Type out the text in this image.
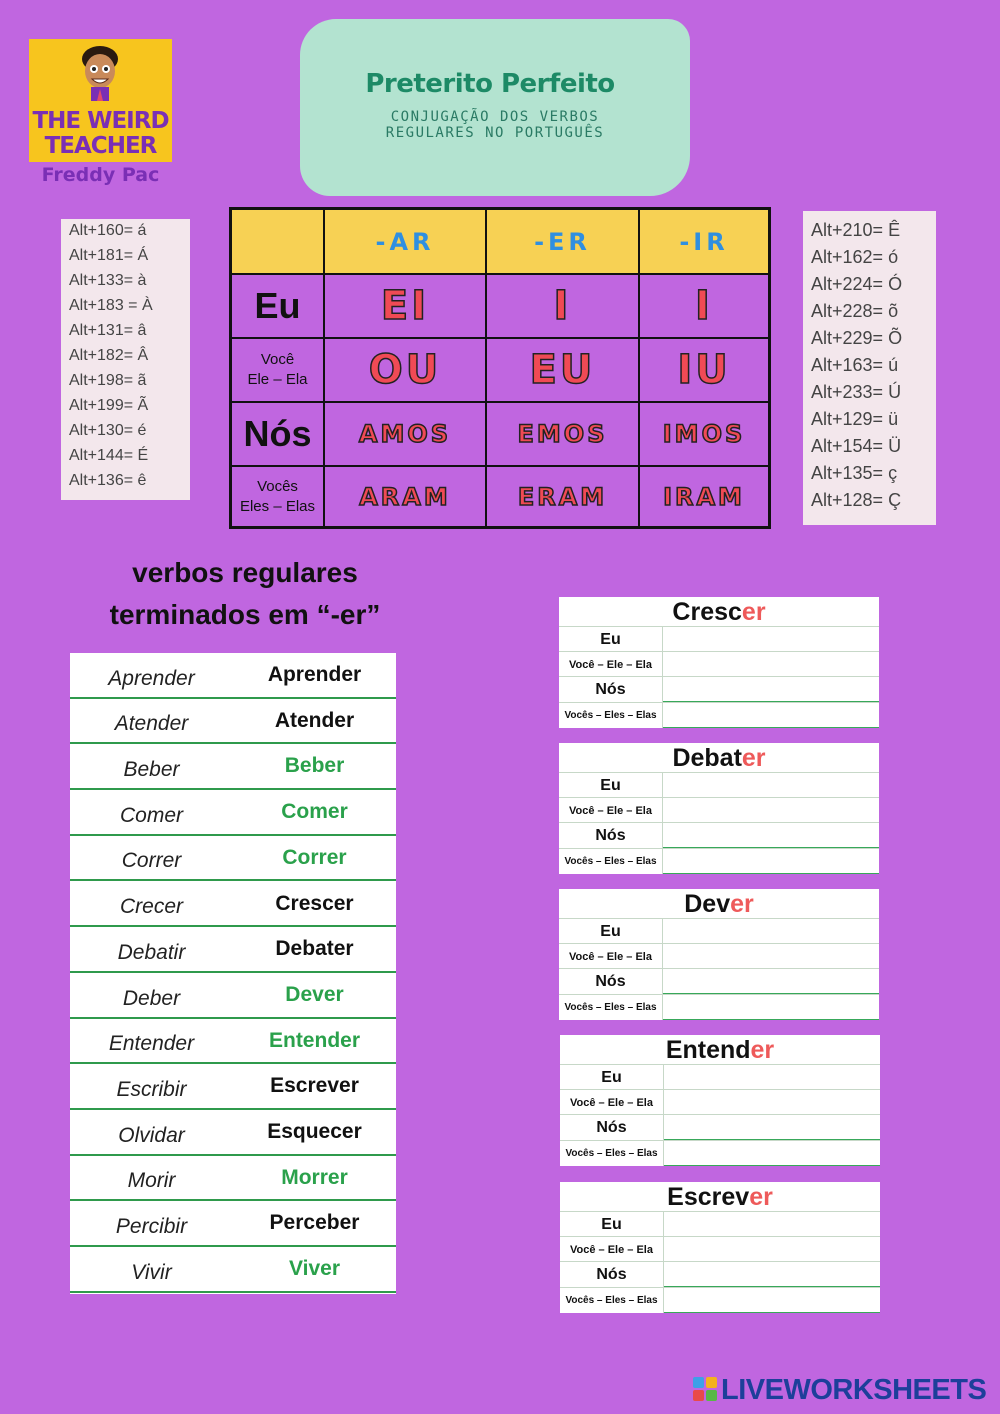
THE WEIRD
TEACHER
Freddy Pac
Preterito Perfeito
CONJUGAÇÃO DOS VERBOS
REGULARES NO PORTUGUÊS
Alt+160= á
Alt+181= Á
Alt+133= à
Alt+183 = À
Alt+131= â
Alt+182= Â
Alt+198= ã
Alt+199= Ã
Alt+130= é
Alt+144= É
Alt+136= ê
Alt+210= Ê
Alt+162= ó
Alt+224= Ó
Alt+228= õ
Alt+229= Õ
Alt+163= ú
Alt+233= Ú
Alt+129= ü
Alt+154= Ü
Alt+135= ç
Alt+128= Ç
-AR	-ER	-IR
Eu EI	I	I
Você
Ele – Ela OU EU IU
Nós AMOS	EMOS IMOS
Vocês
Eles – Elas ARAM	ERAM IRAM
verbos regulares
terminados em “-er”
Aprender	Aprender
Atender	Atender
Beber	Beber
Comer	Comer
Correr	Correr
Crecer	Crescer
Debatir	Debater
Deber	Dever
Entender	Entender
Escribir	Escrever
Olvidar	Esquecer
Morir	Morrer
Percibir	Perceber
Vivir	Viver
Crescer
Eu
Você – Ele – Ela
Nós
Vocês – Eles – Elas
Debater
Eu
Você – Ele – Ela
Nós
Vocês – Eles – Elas
Dever
Eu
Você – Ele – Ela
Nós
Vocês – Eles – Elas
Entender
Eu
Você – Ele – Ela
Nós
Vocês – Eles – Elas
Escrever
Eu
Você – Ele – Ela
Nós
Vocês – Eles – Elas
LIVEWORKSHEETS
